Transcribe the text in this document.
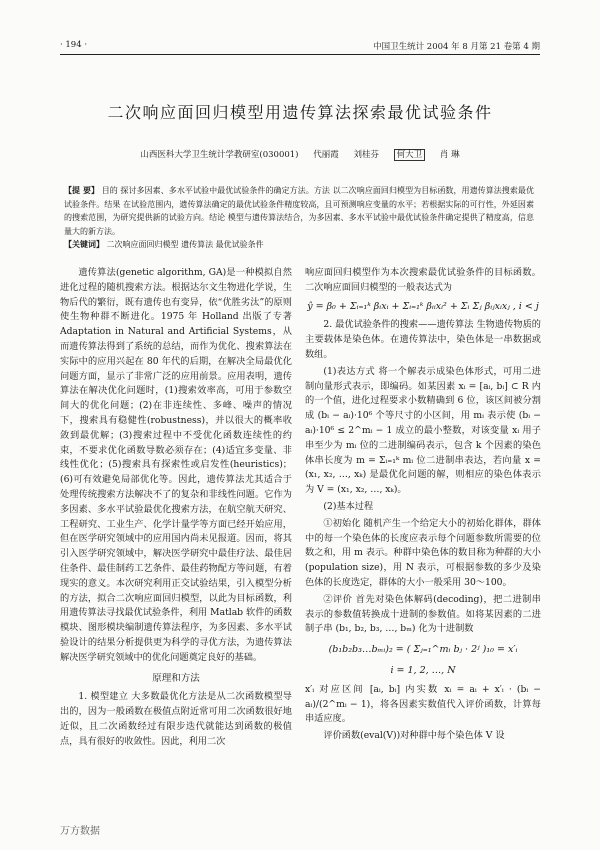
· 194 ·	中国卫生统计 2004 年 8 月第 21 卷第 4 期
二次响应面回归模型用遗传算法探索最优试验条件
山西医科大学卫生统计学教研室(030001) 代丽霞 刘桂芬 何大卫 肖 琳
【提 要】 目的 探讨多因素、多水平试验中最优试验条件的确定方法。方法 以二次响应面回归模型为目标函数，用遗传算法搜索最优试验条件。结果 在试验范围内，遗传算法确定的最优试验条件精度较高，且可预测响应变量的水平；若根据实际的可行性，外延因素的搜索范围，为研究提供新的试验方向。结论 模型与遗传算法结合，为多因素、多水平试验中最优试验条件确定提供了精度高，信息量大的新方法。
【关键词】 二次响应面回归模型 遗传算法 最优试验条件

遗传算法(genetic algorithm, GA)是一种模拟自然进化过程的随机搜索方法。根据达尔文生物进化学说，生物后代的繁衍，既有遗传也有变异，依“优胜劣汰”的原则使生物种群不断进化。1975 年 Holland 出版了专著 Adaptation in Natural and Artificial Systems，从而遗传算法得到了系统的总结，而作为优化、搜索算法在实际中的应用兴起在 80 年代的后期，在解决全局最优化问题方面，显示了非常广泛的应用前景。应用表明，遗传算法在解决优化问题时，(1)搜索效率高，可用于参数空间大的优化问题；(2)在非连续性、多峰、噪声的情况下，搜索具有稳健性(robustness)，并以很大的概率收敛到最优解；(3)搜索过程中不受优化函数连续性的约束，不要求优化函数导数必须存在；(4)适宜多变量、非线性优化；(5)搜索具有探索性或启发性(heuristics)；(6)可有效避免局部优化等。因此，遗传算法尤其适合于处理传统搜索方法解决不了的复杂和非线性问题。它作为多因素、多水平试验最优化搜索方法，在航空航天研究、工程研究、工业生产、化学计量学等方面已经开始应用，但在医学研究领域中的应用国内尚未见报道。因而，将其引入医学研究领域中，解决医学研究中最佳疗法、最佳居住条件、最佳制药工艺条件、最佳药物配方等问题，有着现实的意义。本次研究利用正交试验结果，引入模型分析的方法，拟合二次响应面回归模型，以此为目标函数，利用遗传算法寻找最优试验条件，利用 Matlab 软件的函数模块、图形模块编制遗传算法程序，为多因素、多水平试验设计的结果分析提供更为科学的寻优方法，为遗传算法解决医学研究领域中的优化问题奠定良好的基础。

原理和方法

1. 模型建立 大多数最优化方法是从二次函数模型导出的，因为一般函数在极值点附近常可用二次函数很好地近似，且二次函数经过有限步迭代就能达到函数的极值点，具有很好的收敛性。因此，利用二次

响应面回归模型作为本次搜索最优试验条件的目标函数。二次响应面回归模型的一般表达式为

ŷ = β₀ + Σᵢ₌₁ᵏ βᵢxᵢ + Σᵢ₌₁ᵏ βᵢᵢxᵢ² + Σᵢ Σⱼ βᵢⱼxᵢxⱼ , i < j

2. 最优试验条件的搜索——遗传算法 生物遗传物质的主要载体是染色体。在遗传算法中，染色体是一串数据或数组。

(1)表达方式 将一个解表示成染色体形式，可用二进制向量形式表示，即编码。如某因素 xᵢ = [aᵢ, bᵢ] ⊂ R 内的一个值，进化过程要求小数精确到 6 位，该区间被分割成 (bᵢ − aᵢ)·10⁶ 个等尺寸的小区间，用 mᵢ 表示使 (bᵢ − aᵢ)·10⁶ ≤ 2^mᵢ − 1 成立的最小整数，对该变量 xᵢ 用子串至少为 mᵢ 位的二进制编码表示，包含 k 个因素的染色体串长度为 m = Σᵢ₌₁ᵏ mᵢ 位二进制串表达，若向量 x = (x₁, x₂, …, xₖ) 是最优化问题的解，则相应的染色体表示为 V = (x₁, x₂, …, xₖ)。

(2)基本过程

①初始化 随机产生一个给定大小的初始化群体，群体中的每一个染色体的长度应表示每个问题参数所需要的位数之和，用 m 表示。种群中染色体的数目称为种群的大小(population size)，用 N 表示，可根据参数的多少及染色体的长度选定，群体的大小一般采用 30～100。

②评价 首先对染色体解码(decoding)，把二进制串表示的参数值转换成十进制的参数值。如将某因素的二进制子串 (b₁, b₂, b₃, …, bₘ) 化为十进制数

(b₁b₂b₃…bₘᵢ)₂ = ( Σⱼ₌₁^mᵢ bⱼ · 2ʲ )₁₀ = x′ᵢ
i = 1, 2, …, N

x′ᵢ 对应区间 [aᵢ, bᵢ] 内实数 xᵢ = aᵢ + x′ᵢ · (bᵢ − aᵢ)/(2^mᵢ − 1)，将各因素实数值代入评价函数，计算每串适应度。

评价函数(eval(V))对种群中每个染色体 V 设

万方数据
